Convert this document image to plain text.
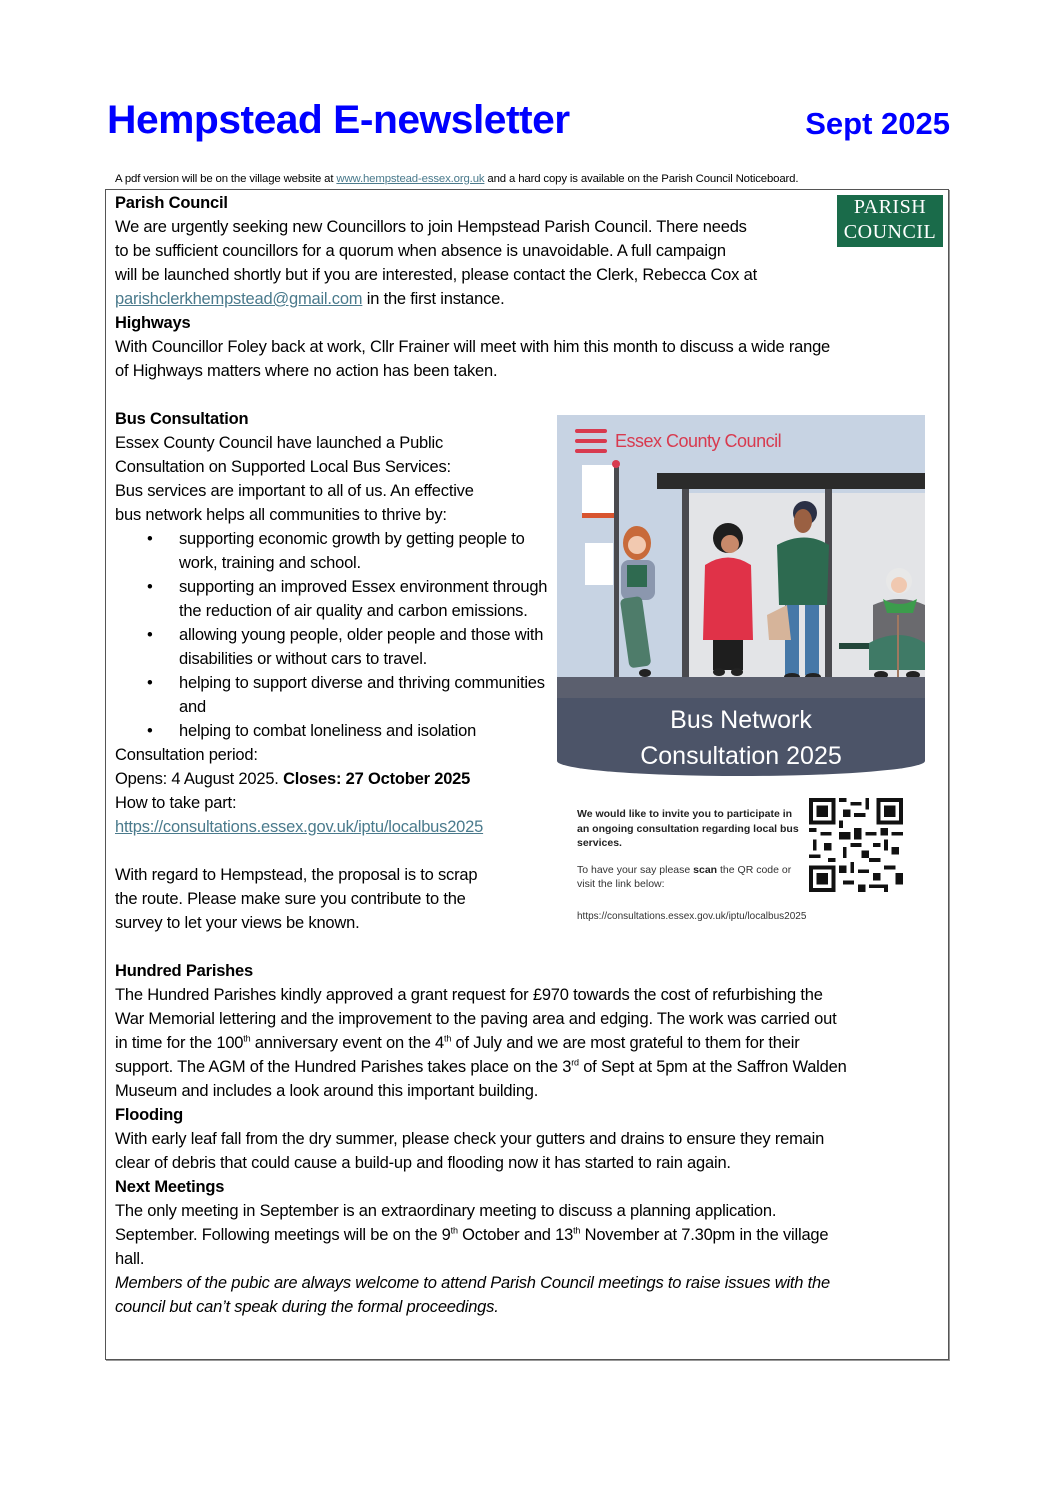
Hempstead E-newsletter	Sept 2025
A pdf version will be on the village website at www.hempstead-essex.org.uk and a hard copy is available on the Parish Council Noticeboard.
PARISH
COUNCIL

Parish Council

We are urgently seeking new Councillors to join Hempstead Parish Council. There needs

to be sufficient councillors for a quorum when absence is unavoidable. A full campaign

will be launched shortly but if you are interested, please contact the Clerk, Rebecca Cox at

parishclerkhempstead@gmail.com in the first instance.

Highways

With Councillor Foley back at work, Cllr Frainer will meet with him this month to discuss a wide range

of Highways matters where no action has been taken.

Bus Consultation

Essex County Council have launched a Public

Consultation on Supported Local Bus Services:

Bus services are important to all of us. An effective

bus network helps all communities to thrive by:

• supporting economic growth by getting people to work, training and school.
• supporting an improved Essex environment through the reduction of air quality and carbon emissions.
• allowing young people, older people and those with disabilities or without cars to travel.
• helping to support diverse and thriving communities and
• helping to combat loneliness and isolation

Consultation period:

Opens: 4 August 2025. Closes: 27 October 2025

How to take part:

https://consultations.essex.gov.uk/iptu/localbus2025

With regard to Hempstead, the proposal is to scrap

the route. Please make sure you contribute to the

survey to let your views be known.

Hundred Parishes

The Hundred Parishes kindly approved a grant request for £970 towards the cost of refurbishing the

War Memorial lettering and the improvement to the paving area and edging. The work was carried out

in time for the 100th anniversary event on the 4th of July and we are most grateful to them for their

support. The AGM of the Hundred Parishes takes place on the 3rd of Sept at 5pm at the Saffron Walden

Museum and includes a look around this important building.

Flooding

With early leaf fall from the dry summer, please check your gutters and drains to ensure they remain

clear of debris that could cause a build-up and flooding now it has started to rain again.

Next Meetings

The only meeting in September is an extraordinary meeting to discuss a planning application.

September. Following meetings will be on the 9th October and 13th November at 7.30pm in the village

hall.

Members of the pubic are always welcome to attend Parish Council meetings to raise issues with the

council but can’t speak during the formal proceedings.

Essex County Council
Bus Network
Consultation 2025
We would like to invite you to participate in an ongoing consultation regarding local bus services.
To have your say please scan the QR code or visit the link below:
https://consultations.essex.gov.uk/iptu/localbus2025
